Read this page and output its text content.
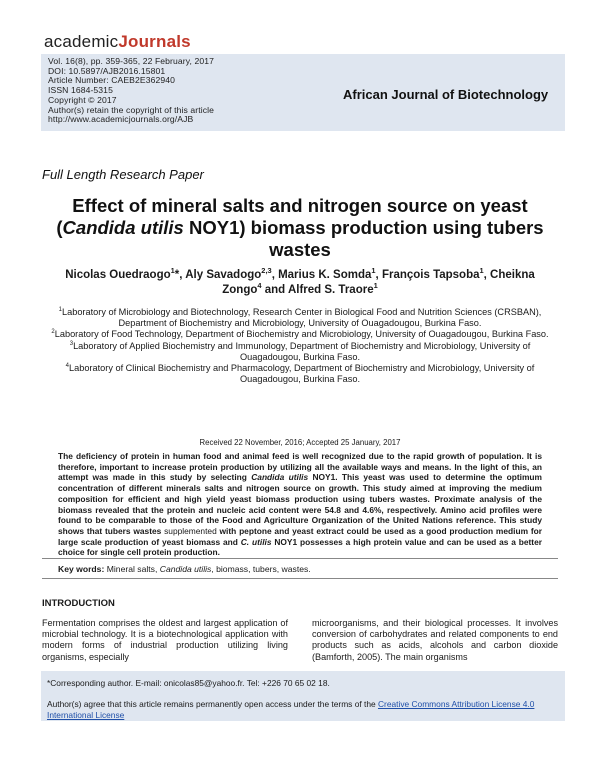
academicJournals
Vol. 16(8), pp. 359-365, 22 February, 2017
DOI: 10.5897/AJB2016.15801
Article Number: CAEB2E362940
ISSN 1684-5315
Copyright © 2017
Author(s) retain the copyright of this article
http://www.academicjournals.org/AJB
African Journal of Biotechnology
Full Length Research Paper
Effect of mineral salts and nitrogen source on yeast (Candida utilis NOY1) biomass production using tubers wastes
Nicolas Ouedraogo$^1$*, Aly Savadogo$^{2,3}$, Marius K. Somda$^1$, François Tapsoba$^1$, Cheikna Zongo$^4$ and Alfred S. Traore$^1$
$^1$Laboratory of Microbiology and Biotechnology, Research Center in Biological Food and Nutrition Sciences (CRSBAN), Department of Biochemistry and Microbiology, University of Ouagadougou, Burkina Faso.
$^2$Laboratory of Food Technology, Department of Biochemistry and Microbiology, University of Ouagadougou, Burkina Faso.
$^3$Laboratory of Applied Biochemistry and Immunology, Department of Biochemistry and Microbiology, University of Ouagadougou, Burkina Faso.
$^4$Laboratory of Clinical Biochemistry and Pharmacology, Department of Biochemistry and Microbiology, University of Ouagadougou, Burkina Faso.
Received 22 November, 2016; Accepted 25 January, 2017
The deficiency of protein in human food and animal feed is well recognized due to the rapid growth of population. It is therefore, important to increase protein production by utilizing all the available ways and means. In the light of this, an attempt was made in this study by selecting Candida utilis NOY1. This yeast was used to determine the optimum concentration of different minerals salts and nitrogen source on growth. This study aimed at improving the medium composition for efficient and high yield yeast biomass production using tubers wastes. Proximate analysis of the biomass revealed that the protein and nucleic acid content were 54.8 and 4.6%, respectively. Amino acid profiles were found to be comparable to those of the Food and Agriculture Organization of the United Nations reference. This study shows that tubers wastes supplemented with peptone and yeast extract could be used as a good production medium for large scale production of yeast biomass and C. utilis NOY1 possesses a high protein value and can be used as a better choice for single cell protein production.
Key words: Mineral salts, Candida utilis, biomass, tubers, wastes.
INTRODUCTION
Fermentation comprises the oldest and largest application of microbial technology. It is a biotechnological application with modern forms of industrial production utilizing living organisms, especially
microorganisms, and their biological processes. It involves conversion of carbohydrates and related components to end products such as acids, alcohols and carbon dioxide (Bamforth, 2005). The main organisms
*Corresponding author. E-mail: onicolas85@yahoo.fr. Tel: +226 70 65 02 18.
Author(s) agree that this article remains permanently open access under the terms of the Creative Commons Attribution License 4.0 International License
